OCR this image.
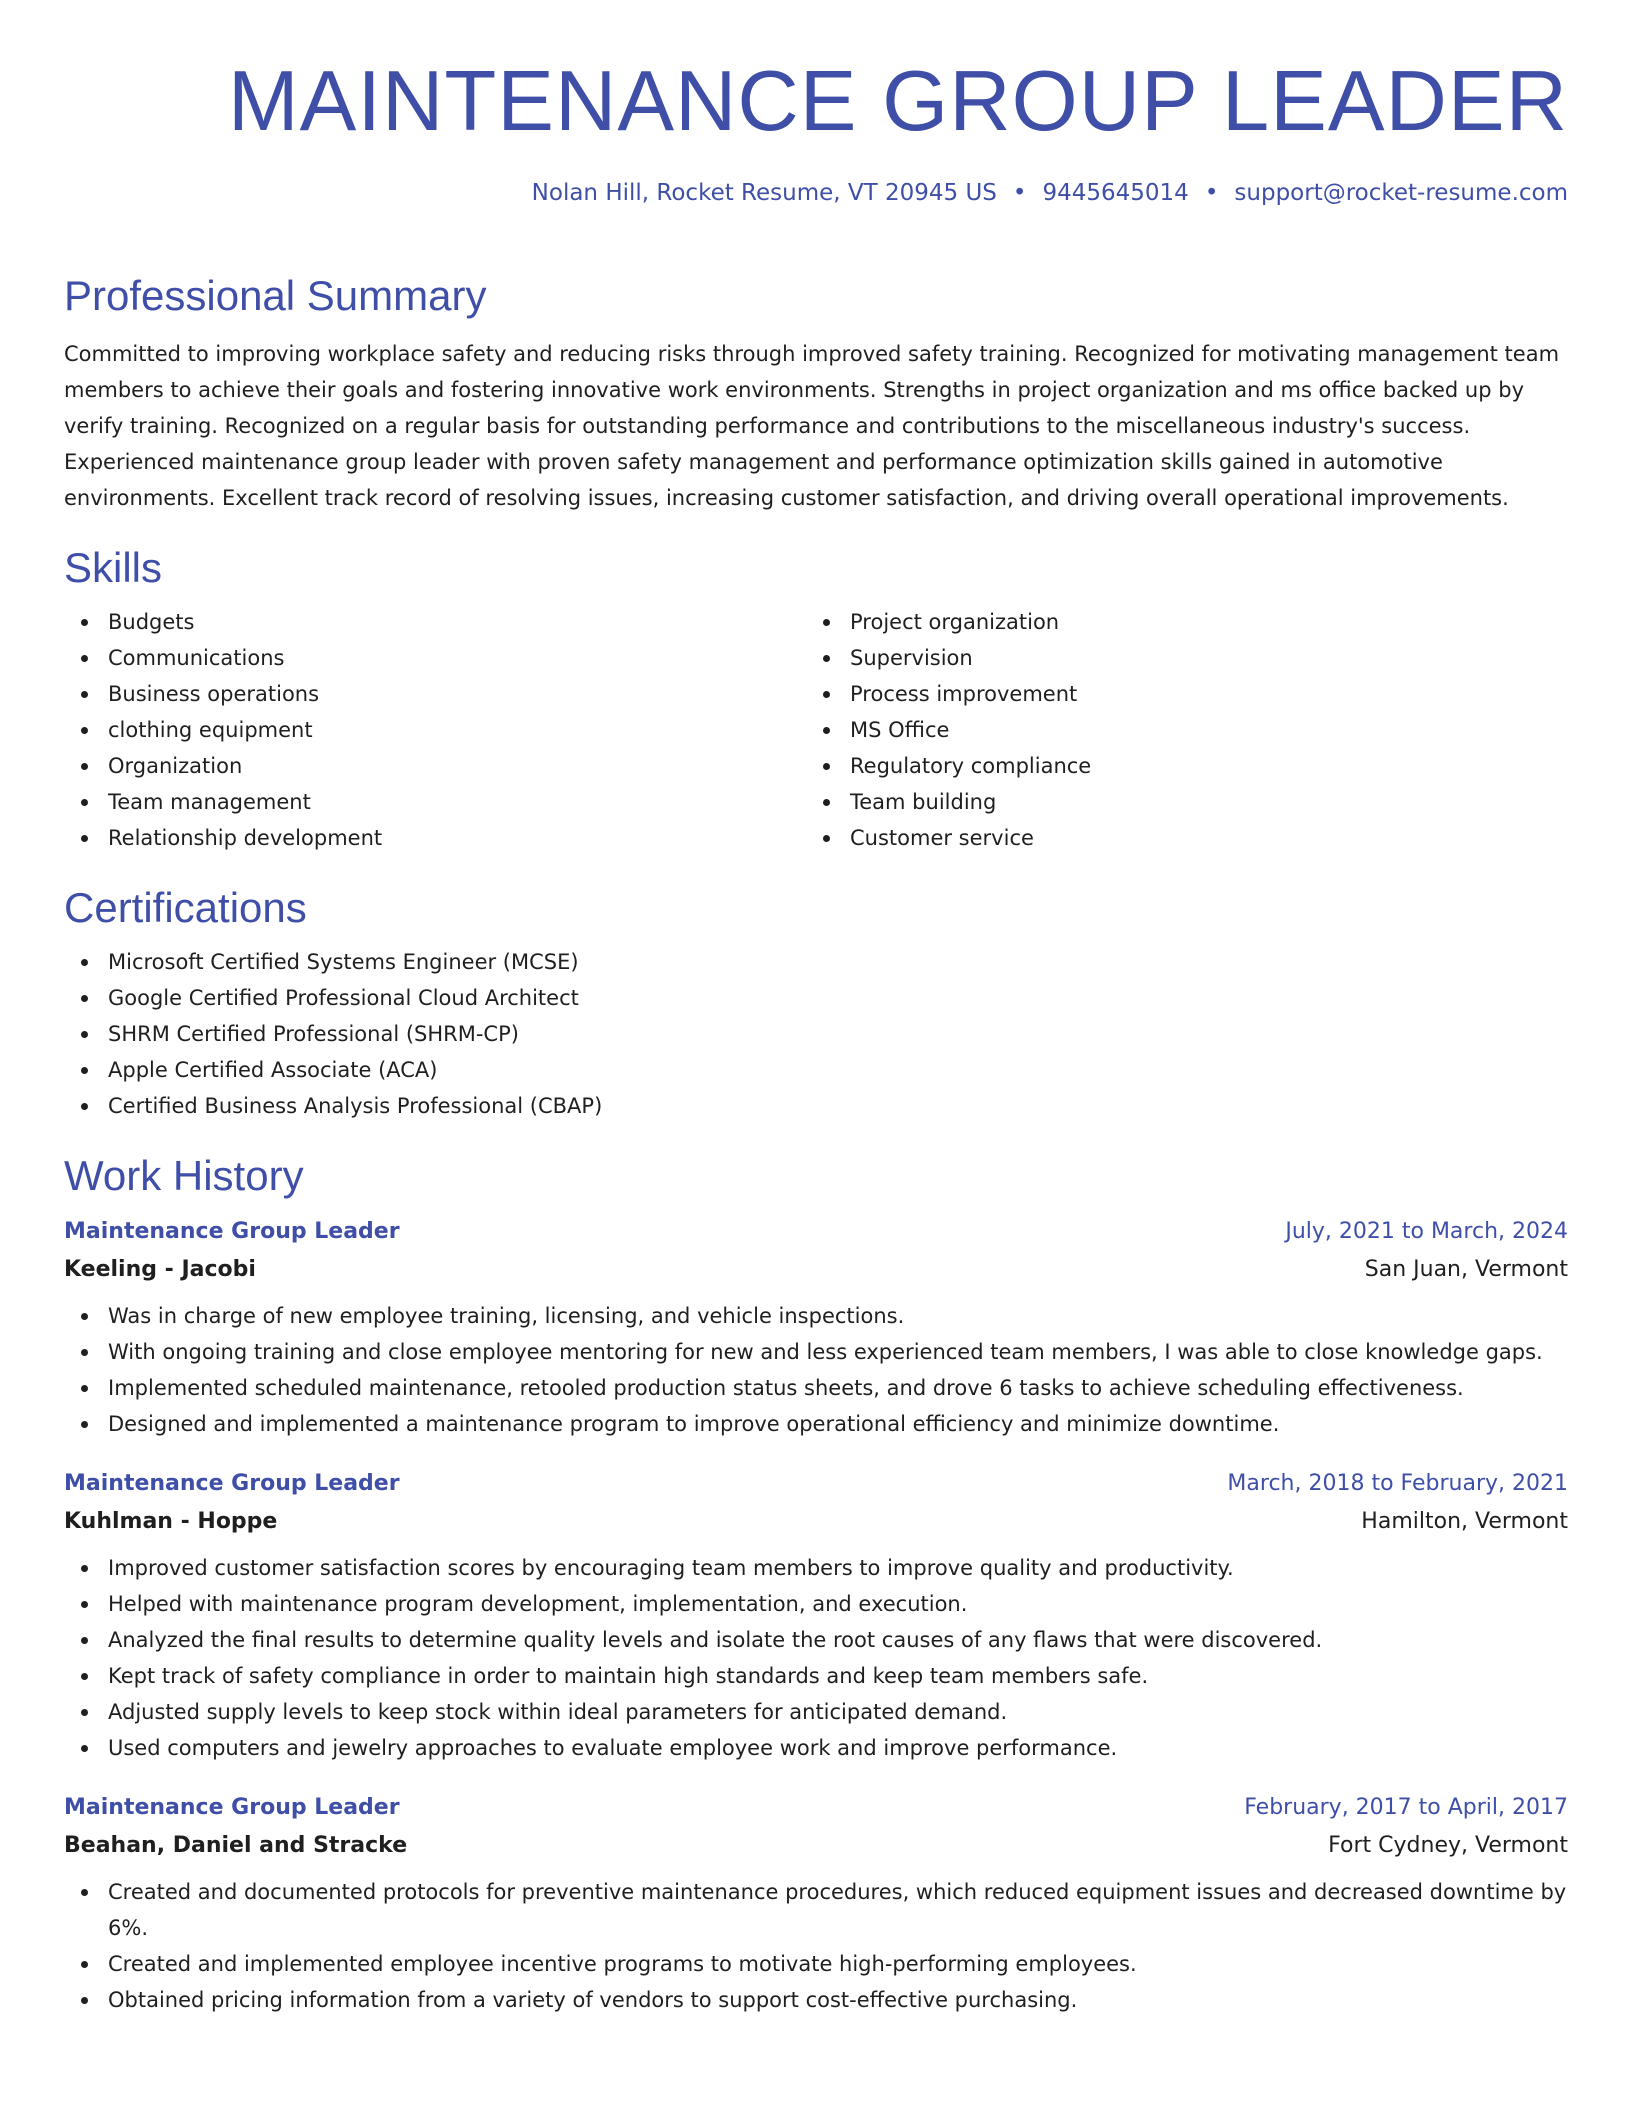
MAINTENANCE GROUP LEADER
Nolan Hill, Rocket Resume, VT 20945 US • 9445645014 • support@rocket-resume.com
Professional Summary

Committed to improving workplace safety and reducing risks through improved safety training. Recognized for motivating management team members to achieve their goals and fostering innovative work environments. Strengths in project organization and ms office backed up by verify training. Recognized on a regular basis for outstanding performance and contributions to the miscellaneous industry's success. Experienced maintenance group leader with proven safety management and performance optimization skills gained in automotive environments. Excellent track record of resolving issues, increasing customer satisfaction, and driving overall operational improvements.

Skills
Budgets
Communications
Business operations
clothing equipment
Organization
Team management
Relationship development
Project organization
Supervision
Process improvement
MS Office
Regulatory compliance
Team building
Customer service
Certifications
Microsoft Certified Systems Engineer (MCSE)
Google Certified Professional Cloud Architect
SHRM Certified Professional (SHRM-CP)
Apple Certified Associate (ACA)
Certified Business Analysis Professional (CBAP)
Work History
Maintenance Group Leader	July, 2021 to March, 2024
Keeling - Jacobi	San Juan, Vermont
Was in charge of new employee training, licensing, and vehicle inspections.
With ongoing training and close employee mentoring for new and less experienced team members, I was able to close knowledge gaps.
Implemented scheduled maintenance, retooled production status sheets, and drove 6 tasks to achieve scheduling effectiveness.
Designed and implemented a maintenance program to improve operational efficiency and minimize downtime.
Maintenance Group Leader	March, 2018 to February, 2021
Kuhlman - Hoppe	Hamilton, Vermont
Improved customer satisfaction scores by encouraging team members to improve quality and productivity.
Helped with maintenance program development, implementation, and execution.
Analyzed the final results to determine quality levels and isolate the root causes of any flaws that were discovered.
Kept track of safety compliance in order to maintain high standards and keep team members safe.
Adjusted supply levels to keep stock within ideal parameters for anticipated demand.
Used computers and jewelry approaches to evaluate employee work and improve performance.
Maintenance Group Leader	February, 2017 to April, 2017
Beahan, Daniel and Stracke	Fort Cydney, Vermont
Created and documented protocols for preventive maintenance procedures, which reduced equipment issues and decreased downtime by 6%.
Created and implemented employee incentive programs to motivate high-performing employees.
Obtained pricing information from a variety of vendors to support cost-effective purchasing.
